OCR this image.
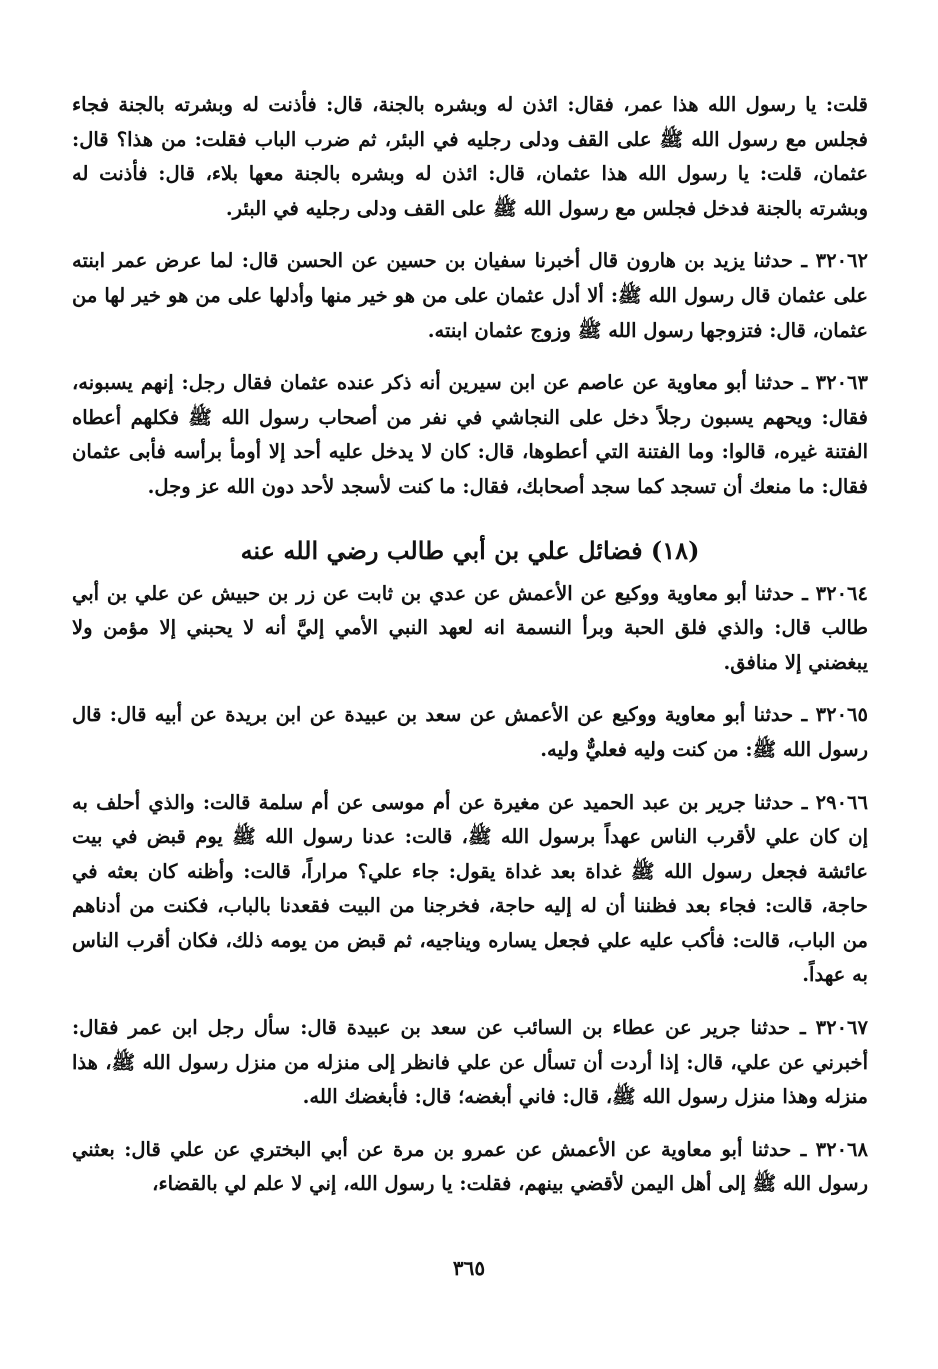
قلت: يا رسول الله هذا عمر، فقال: ائذن له وبشره بالجنة، قال: فأذنت له وبشرته بالجنة فجاء فجلس مع رسول الله ﷺ على القف ودلى رجليه في البئر، ثم ضرب الباب فقلت: من هذا؟ قال: عثمان، قلت: يا رسول الله هذا عثمان، قال: ائذن له وبشره بالجنة معها بلاء، قال: فأذنت له وبشرته بالجنة فدخل فجلس مع رسول الله ﷺ على القف ودلى رجليه في البئر.

٣٢٠٦٢ ـ حدثنا يزيد بن هارون قال أخبرنا سفيان بن حسين عن الحسن قال: لما عرض عمر ابنته على عثمان قال رسول الله ﷺ: ألا أدل عثمان على من هو خير منها وأدلها على من هو خير لها من عثمان، قال: فتزوجها رسول الله ﷺ وزوج عثمان ابنته.

٣٢٠٦٣ ـ حدثنا أبو معاوية عن عاصم عن ابن سيرين أنه ذكر عنده عثمان فقال رجل: إنهم يسبونه، فقال: ويحهم يسبون رجلاً دخل على النجاشي في نفر من أصحاب رسول الله ﷺ فكلهم أعطاه الفتنة غيره، قالوا: وما الفتنة التي أعطوها، قال: كان لا يدخل عليه أحد إلا أومأ برأسه فأبى عثمان فقال: ما منعك أن تسجد كما سجد أصحابك، فقال: ما كنت لأسجد لأحد دون الله عز وجل.

(١٨) فضائل علي بن أبي طالب رضي الله عنه

٣٢٠٦٤ ـ حدثنا أبو معاوية ووكيع عن الأعمش عن عدي بن ثابت عن زر بن حبيش عن علي بن أبي طالب قال: والذي فلق الحبة وبرأ النسمة انه لعهد النبي الأمي إليَّ أنه لا يحبني إلا مؤمن ولا يبغضني إلا منافق.

٣٢٠٦٥ ـ حدثنا أبو معاوية ووكيع عن الأعمش عن سعد بن عبيدة عن ابن بريدة عن أبيه قال: قال رسول الله ﷺ: من كنت وليه فعليٌّ وليه.

٢٩٠٦٦ ـ حدثنا جرير بن عبد الحميد عن مغيرة عن أم موسى عن أم سلمة قالت: والذي أحلف به إن كان علي لأقرب الناس عهداً برسول الله ﷺ، قالت: عدنا رسول الله ﷺ يوم قبض في بيت عائشة فجعل رسول الله ﷺ غداة بعد غداة يقول: جاء علي؟ مراراً، قالت: وأظنه كان بعثه في حاجة، قالت: فجاء بعد فظننا أن له إليه حاجة، فخرجنا من البيت فقعدنا بالباب، فكنت من أدناهم من الباب، قالت: فأكب عليه علي فجعل يساره ويناجيه، ثم قبض من يومه ذلك، فكان أقرب الناس به عهداً.

٣٢٠٦٧ ـ حدثنا جرير عن عطاء بن السائب عن سعد بن عبيدة قال: سأل رجل ابن عمر فقال: أخبرني عن علي، قال: إذا أردت أن تسأل عن علي فانظر إلى منزله من منزل رسول الله ﷺ، هذا منزله وهذا منزل رسول الله ﷺ، قال: فاني أبغضه؛ قال: فأبغضك الله.

٣٢٠٦٨ ـ حدثنا أبو معاوية عن الأعمش عن عمرو بن مرة عن أبي البختري عن علي قال: بعثني رسول الله ﷺ إلى أهل اليمن لأقضي بينهم، فقلت: يا رسول الله، إني لا علم لي بالقضاء،

٣٦٥
